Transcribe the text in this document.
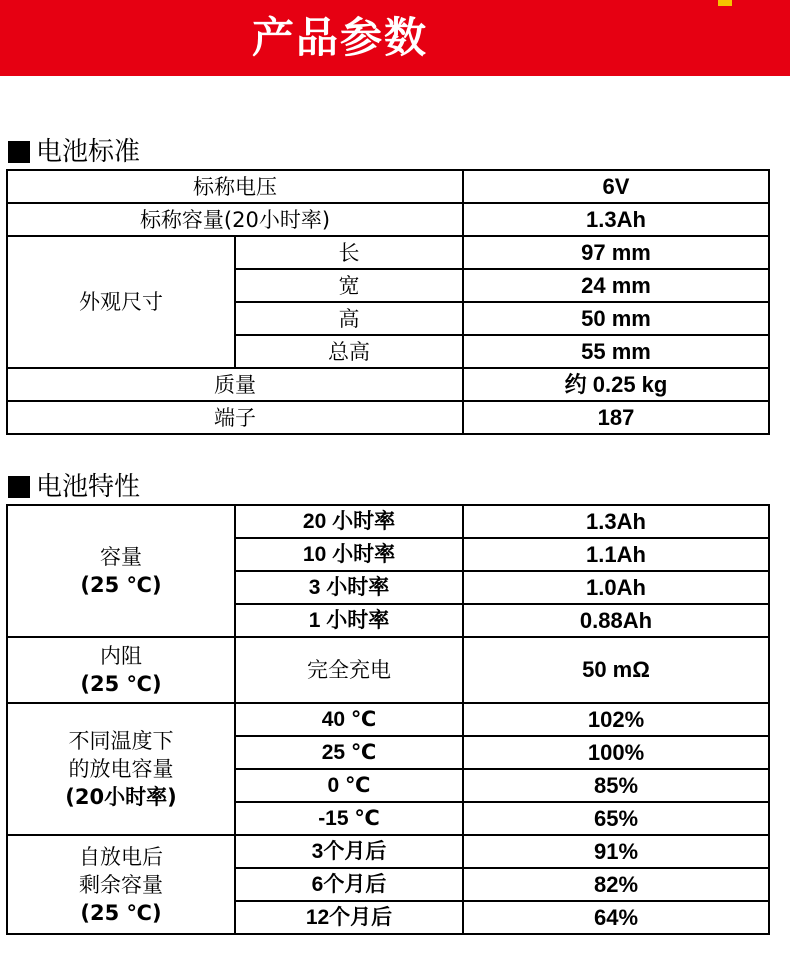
产品参数
电池标准
标称电压		6V
标称容量(20小时率)		1.3Ah
外观尺寸	长	97 mm
	宽	24 mm
	高	50 mm
	总高	55 mm
质量		约 0.25 kg
端子		187
电池特性
容量
(25 ℃)	20 小时率	1.3Ah
	10 小时率	1.1Ah
	3 小时率	1.0Ah
	1 小时率	0.88Ah

内阻
(25 ℃)	完全充电	50 mΩ

不同温度下
的放电容量
(20小时率)	40 ℃	102%
	25 ℃	100%
	0 ℃	85%
	-15 ℃	65%

自放电后
剩余容量
(25 ℃)	3个月后	91%
	6个月后	82%
	12个月后	64%
